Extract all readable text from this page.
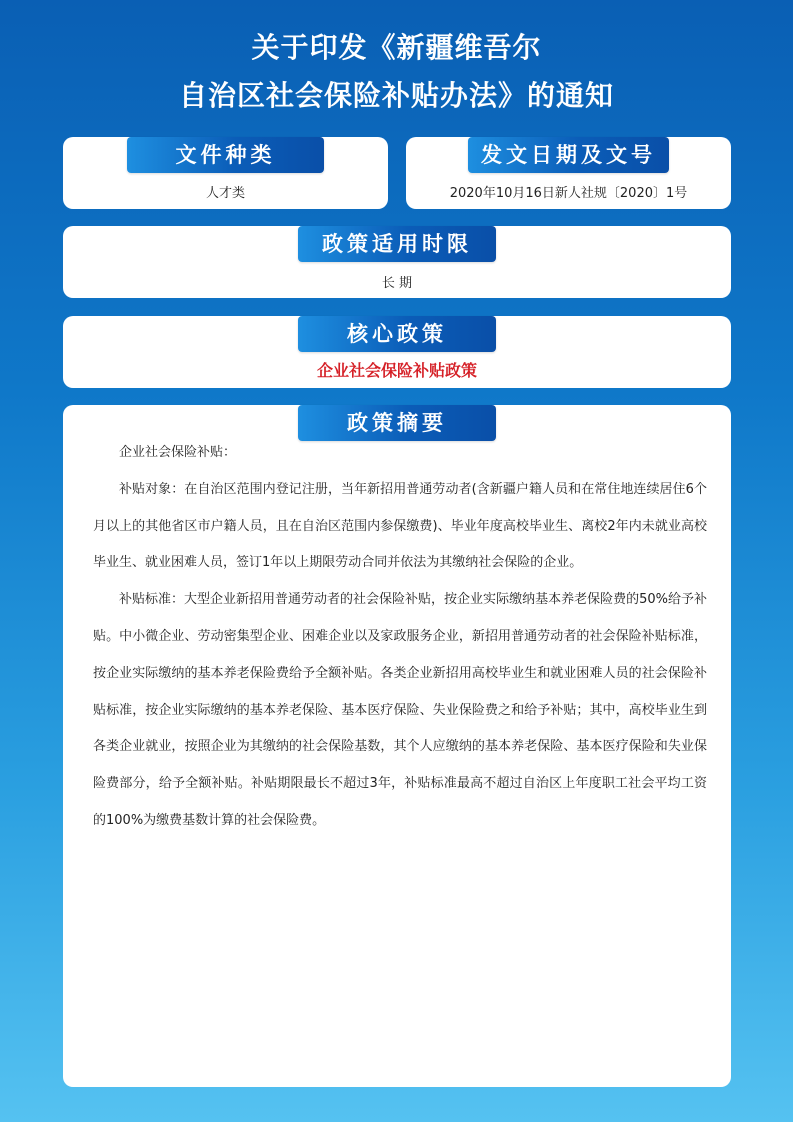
关于印发《新疆维吾尔
自治区社会保险补贴办法》的通知
文件种类
人才类
发文日期及文号
2020年10月16日新人社规〔2020〕1号
政策适用时限
长 期
核心政策
企业社会保险补贴政策
政策摘要

企业社会保险补贴：

补贴对象：在自治区范围内登记注册，当年新招用普通劳动者(含新疆户籍人员和在常住地连续居住6个月以上的其他省区市户籍人员，且在自治区范围内参保缴费)、毕业年度高校毕业生、离校2年内未就业高校毕业生、就业困难人员，签订1年以上期限劳动合同并依法为其缴纳社会保险的企业。

补贴标准：大型企业新招用普通劳动者的社会保险补贴，按企业实际缴纳基本养老保险费的50%给予补贴。中小微企业、劳动密集型企业、困难企业以及家政服务企业，新招用普通劳动者的社会保险补贴标准，按企业实际缴纳的基本养老保险费给予全额补贴。各类企业新招用高校毕业生和就业困难人员的社会保险补贴标准，按企业实际缴纳的基本养老保险、基本医疗保险、失业保险费之和给予补贴；其中，高校毕业生到各类企业就业，按照企业为其缴纳的社会保险基数，其个人应缴纳的基本养老保险、基本医疗保险和失业保险费部分，给予全额补贴。补贴期限最长不超过3年，补贴标准最高不超过自治区上年度职工社会平均工资的100%为缴费基数计算的社会保险费。
